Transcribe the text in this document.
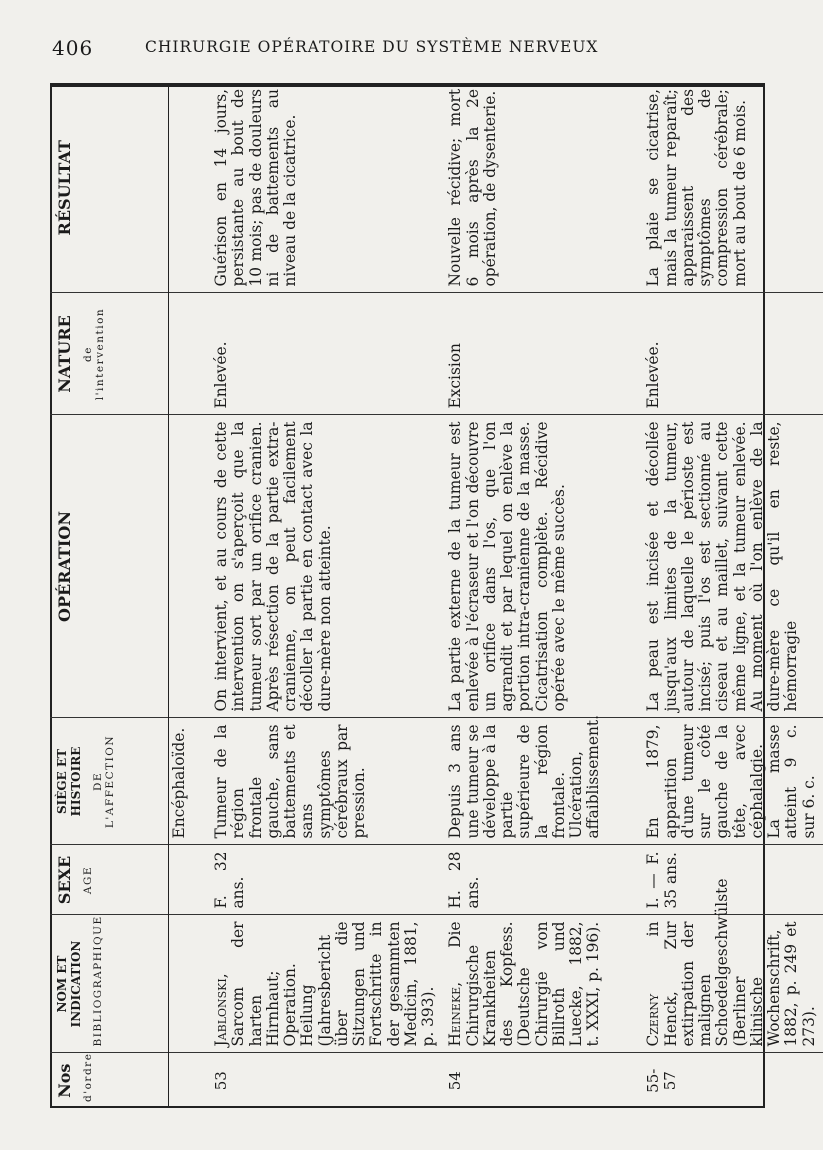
406	CHIRURGIE OPÉRATOIRE DU SYSTÈME NERVEUX
Nos d'ordre	NOM ET INDICATION BIBLIOGRAPHIQUE	SEXE AGE	SIÈGE ET HISTOIRE DE L'AFFECTION	OPÉRATION	NATURE de l'intervention	RÉSULTAT

			Encéphaloïde.			
53	Jablonski, Sarcom der harten Hirnhaut; Operation. Heilung (Jahresbericht über die Sitzungen und Fortschritte in der gesammten Medicin, 1881, p. 393).	F. 32 ans.	Tumeur de la région frontale gauche, sans battements et sans symptômes cérébraux par pression.	On intervient, et au cours de cette intervention on s'aperçoit que la tumeur sort par un orifice cranien. Après résection de la partie extra-cranienne, on peut facilement décoller la partie en contact avec la dure-mère non atteinte.	Enlevée.	Guérison en 14 jours, persistante au bout de 10 mois; pas de douleurs ni de battements au niveau de la cicatrice.
54	Heineke, Die Chirurgische Krankheiten des Kopfess. (Deutsche Chirurgie von Billroth und Luecke, 1882, t. XXXI, p. 196).	H. 28 ans.	Depuis 3 ans une tumeur se développe à la partie supérieure de la région frontale. Ulcération, affaiblissement.	La partie externe de la tumeur est enlevée à l'écraseur et l'on découvre un orifice dans l'os, que l'on agrandit et par lequel on enlève la portion intra-cranienne de la masse. Cicatrisation complète. Récidive opérée avec le même succès.	Excision	Nouvelle récidive; mort 6 mois après la 2e opération, de dysenterie.
55-57	Czerny in Henck, Zur extirpation der malignen Schoedelgeschwülste (Berliner klinische Wochenschrift, 1882, p. 249 et 273).	I. — F. 35 ans.	En 1879, apparition d'une tumeur sur le côté gauche de la tête, avec céphalalgie. La masse atteint 9 c. sur 6. c.	La peau est incisée et décollée jusqu'aux limites de la tumeur, autour de laquelle le périoste est incisé; puis l'os est sectionné au ciseau et au maillet, suivant cette même ligne, et la tumeur enlevée. Au moment où l'on enlève de la dure-mère ce qu'il en reste, hémorragie	Enlevée.	La plaie se cicatrise, mais la tumeur reparaît; apparaissent des symptômes de compression cérébrale; mort au bout de 6 mois.
